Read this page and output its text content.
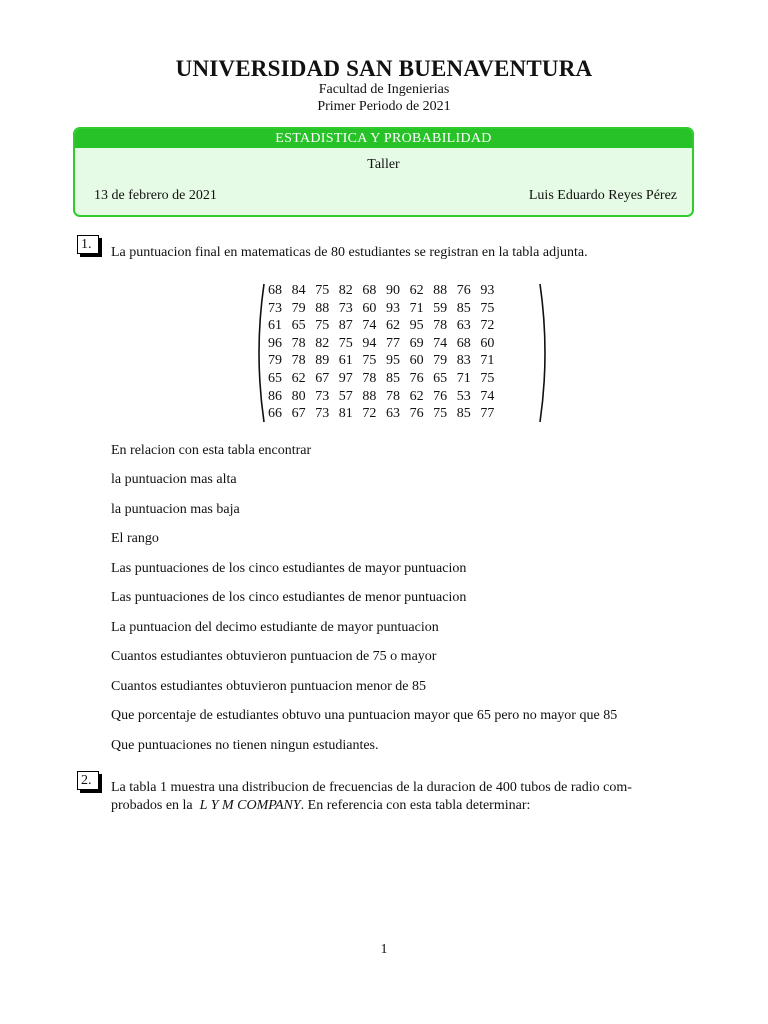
UNIVERSIDAD SAN BUENAVENTURA
Facultad de Ingenierias
Primer Periodo de 2021
ESTADISTICA Y PROBABILIDAD
Taller
13 de febrero de 2021	Luis Eduardo Reyes Pérez
1.
La puntuacion final en matematicas de 80 estudiantes se registran en la tabla adjunta.
68 84 75 82 68 90 62 88 76 93
73 79 88 73 60 93 71 59 85 75
61 65 75 87 74 62 95 78 63 72
96 78 82 75 94 77 69 74 68 60
79 78 89 61 75 95 60 79 83 71
65 62 67 97 78 85 76 65 71 75
86 80 73 57 88 78 62 76 53 74
66 67 73 81 72 63 76 75 85 77
En relacion con esta tabla encontrar
la puntuacion mas alta
la puntuacion mas baja
El rango
Las puntuaciones de los cinco estudiantes de mayor puntuacion
Las puntuaciones de los cinco estudiantes de menor puntuacion
La puntuacion del decimo estudiante de mayor puntuacion
Cuantos estudiantes obtuvieron puntuacion de 75 o mayor
Cuantos estudiantes obtuvieron puntuacion menor de 85
Que porcentaje de estudiantes obtuvo una puntuacion mayor que 65 pero no mayor que 85
Que puntuaciones no tienen ningun estudiantes.
2.	La tabla 1 muestra una distribucion de frecuencias de la duracion de 400 tubos de radio com-
probados en la L Y M COMPANY. En referencia con esta tabla determinar:
1
